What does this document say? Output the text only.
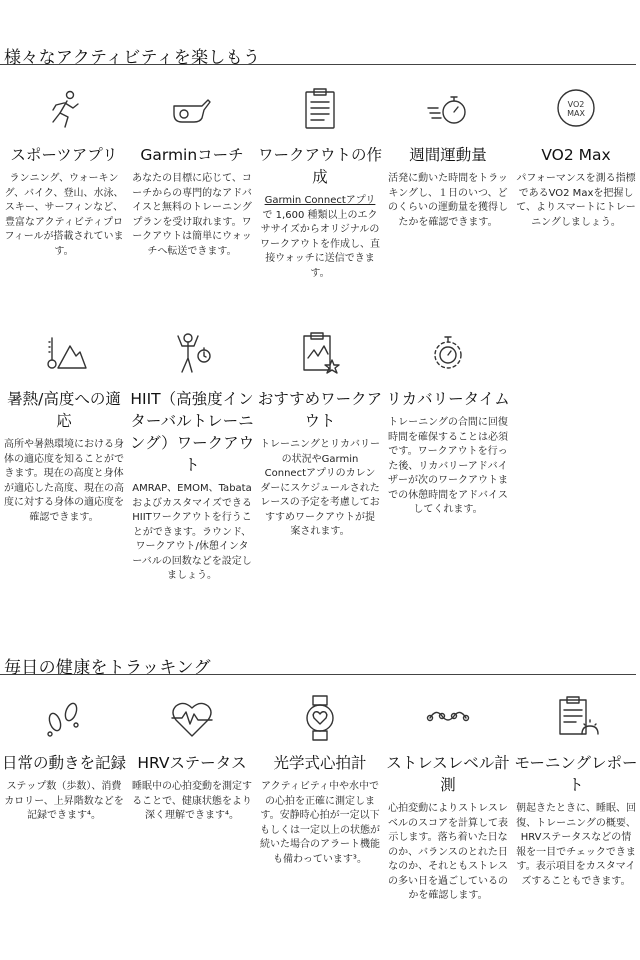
様々なアクティビティを楽しもう
スポーツアプリ
ランニング、ウォーキング、バイク、登山、水泳、スキー、サーフィンなど、豊富なアクティビティプロフィールが搭載されています。
Garminコーチ
あなたの目標に応じて、コーチからの専門的なアドバイスと無料のトレーニングプランを受け取れます。ワークアウトは簡単にウォッチへ転送できます。
ワークアウトの作成
Garmin Connectアプリで 1,600 種類以上のエクササイズからオリジナルのワークアウトを作成し、直接ウォッチに送信できます。
週間運動量
活発に動いた時間をトラッキングし、１日のいつ、どのくらいの運動量を獲得したかを確認できます。
VO2
MAX
VO2 Max
パフォーマンスを測る指標であるVO2 Maxを把握して、よりスマートにトレーニングしましょう。
暑熱/高度への適応
高所や暑熱環境における身体の適応度を知ることができます。現在の高度と身体が適応した高度、現在の高度に対する身体の適応度を確認できます。
HIIT（高強度インターバルトレーニング）ワークアウト
AMRAP、EMOM、Tabataおよびカスタマイズできる HIITワークアウトを行うことができます。ラウンド、ワークアウト/休憩インターバルの回数などを設定しましょう。
おすすめワークアウト
トレーニングとリカバリーの状況やGarmin Connectアプリのカレンダーにスケジュールされたレースの予定を考慮しておすすめワークアウトが提案されます。
リカバリータイム
トレーニングの合間に回復時間を確保することは必須です。ワークアウトを行った後、リカバリーアドバイザーが次のワークアウトまでの休憩時間をアドバイスしてくれます。
毎日の健康をトラッキング
日常の動きを記録
ステップ数（歩数）、消費カロリー、上昇階数などを記録できます⁴。
HRVステータス
睡眠中の心拍変動を測定することで、健康状態をより深く理解できます⁴。
光学式心拍計
アクティビティ中や水中での心拍を正確に測定します。安静時心拍が一定以下もしくは一定以上の状態が続いた場合のアラート機能も備わっています³。
ストレスレベル計測
心拍変動によりストレスレベルのスコアを計算して表示します。落ち着いた日なのか、バランスのとれた日なのか、それともストレスの多い日を過ごしているのかを確認します。
モーニングレポート
朝起きたときに、睡眠、回復、トレーニングの概要、HRVステータスなどの情報を一目でチェックできます。表示項目をカスタマイズすることもできます。
